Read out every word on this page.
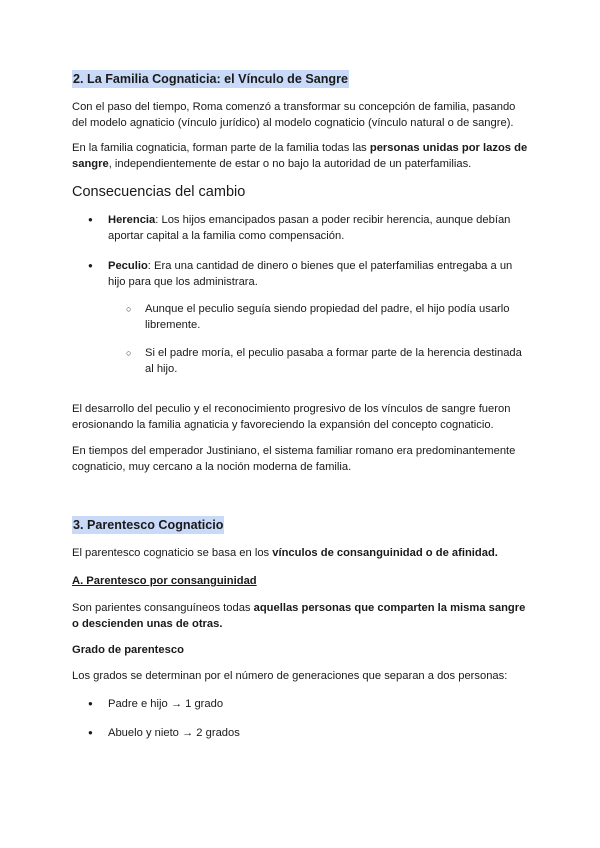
2. La Familia Cognaticia: el Vínculo de Sangre

Con el paso del tiempo, Roma comenzó a transformar su concepción de familia, pasando del modelo agnaticio (vínculo jurídico) al modelo cognaticio (vínculo natural o de sangre).

En la familia cognaticia, forman parte de la familia todas las personas unidas por lazos de sangre, independientemente de estar o no bajo la autoridad de un paterfamilias.

Consecuencias del cambio

● Herencia: Los hijos emancipados pasan a poder recibir herencia, aunque debían aportar capital a la familia como compensación.

● Peculio: Era una cantidad de dinero o bienes que el paterfamilias entregaba a un hijo para que los administrara.

○ Aunque el peculio seguía siendo propiedad del padre, el hijo podía usarlo libremente.

○ Si el padre moría, el peculio pasaba a formar parte de la herencia destinada al hijo.

El desarrollo del peculio y el reconocimiento progresivo de los vínculos de sangre fueron erosionando la familia agnaticia y favoreciendo la expansión del concepto cognaticio.

En tiempos del emperador Justiniano, el sistema familiar romano era predominantemente cognaticio, muy cercano a la noción moderna de familia.

3. Parentesco Cognaticio

El parentesco cognaticio se basa en los vínculos de consanguinidad o de afinidad.

A. Parentesco por consanguinidad

Son parientes consanguíneos todas aquellas personas que comparten la misma sangre o descienden unas de otras.

Grado de parentesco

Los grados se determinan por el número de generaciones que separan a dos personas:

● Padre e hijo → 1 grado

● Abuelo y nieto → 2 grados
